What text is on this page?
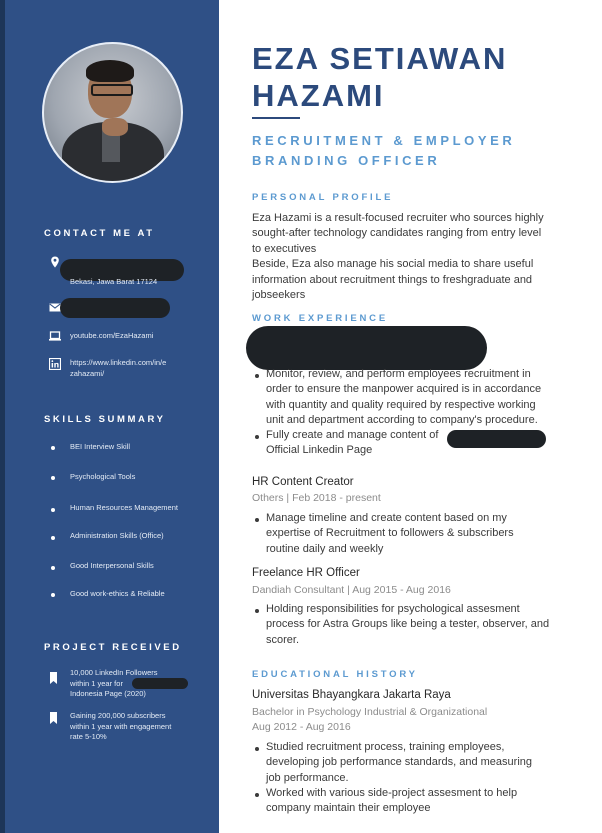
CONTACT ME AT
Bekasi, Jawa Barat 17124
youtube.com/EzaHazami
https://www.linkedin.com/in/e
zahazami/
SKILLS SUMMARY
BEI Interview Skill
Psychological Tools
Human Resources Management
Administration Skills (Office)
Good Interpersonal Skills
Good work-ethics & Reliable
PROJECT RECEIVED
10,000 LinkedIn Followers
within 1 year for
Indonesia Page (2020)
Gaining 200,000 subscribers
within 1 year with engagement
rate 5-10%
EZA SETIAWAN
HAZAMI
RECRUITMENT & EMPLOYER
BRANDING OFFICER
PERSONAL PROFILE
Eza Hazami is a result-focused recruiter who sources highly
sought-after technology candidates ranging from entry level
to executives
Beside, Eza also manage his social media to share useful
information about recruitment things to freshgraduate and
jobseekers
WORK EXPERIENCE
Monitor, review, and perform employees recruitment in
order to ensure the manpower acquired is in accordance
with quantity and quality required by respective working
unit and department according to company's procedure.
Fully create and manage content of
Official Linkedin Page
HR Content Creator
Others | Feb 2018 - present
Manage timeline and create content based on my
expertise of Recruitment to followers & subscribers
routine daily and weekly
Freelance HR Officer
Dandiah Consultant | Aug 2015 - Aug 2016
Holding responsibilities for psychological assesment
process for Astra Groups like being a tester, observer, and
scorer.
EDUCATIONAL HISTORY
Universitas Bhayangkara Jakarta Raya
Bachelor in Psychology Industrial & Organizational
Aug 2012 - Aug 2016
Studied recruitment process, training employees,
developing job performance standards, and measuring
job performance.
Worked with various side-project assesment to help
company maintain their employee
